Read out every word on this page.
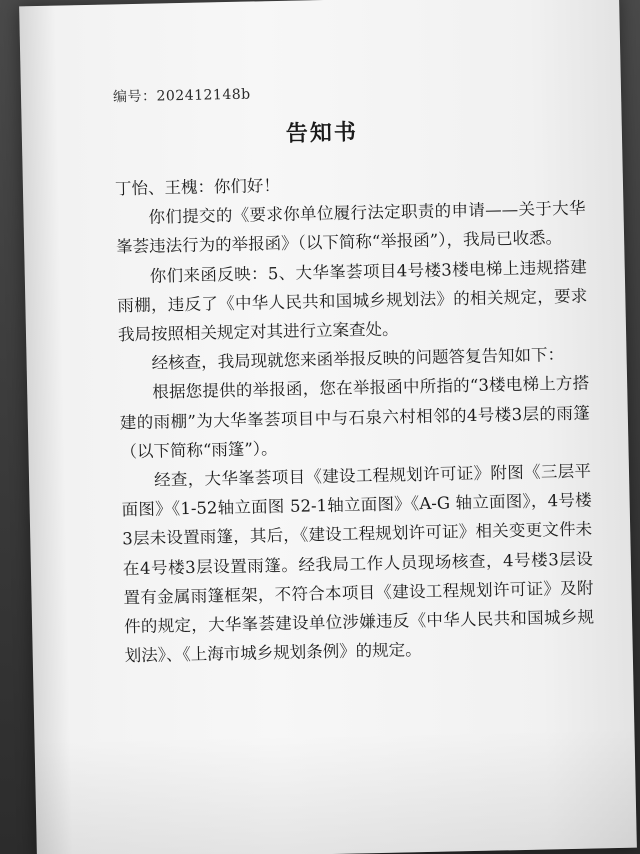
编号：202412148b
告知书

丁怡、王槐：你们好！

你们提交的《要求你单位履行法定职责的申请——关于大华峯荟违法行为的举报函》（以下简称“举报函”），我局已收悉。

你们来函反映：5、大华峯荟项目4号楼3楼电梯上违规搭建雨棚，违反了《中华人民共和国城乡规划法》的相关规定，要求我局按照相关规定对其进行立案查处。

经核查，我局现就您来函举报反映的问题答复告知如下：

根据您提供的举报函，您在举报函中所指的“3楼电梯上方搭建的雨棚”为大华峯荟项目中与石泉六村相邻的4号楼3层的雨篷（以下简称“雨篷”）。

经查，大华峯荟项目《建设工程规划许可证》附图《三层平面图》《1-52轴立面图 52-1轴立面图》《A-G 轴立面图》，4号楼3层未设置雨篷，其后，《建设工程规划许可证》相关变更文件未在4号楼3层设置雨篷。经我局工作人员现场核查，4号楼3层设置有金属雨篷框架，不符合本项目《建设工程规划许可证》及附件的规定，大华峯荟建设单位涉嫌违反《中华人民共和国城乡规划法》、《上海市城乡规划条例》的规定。
